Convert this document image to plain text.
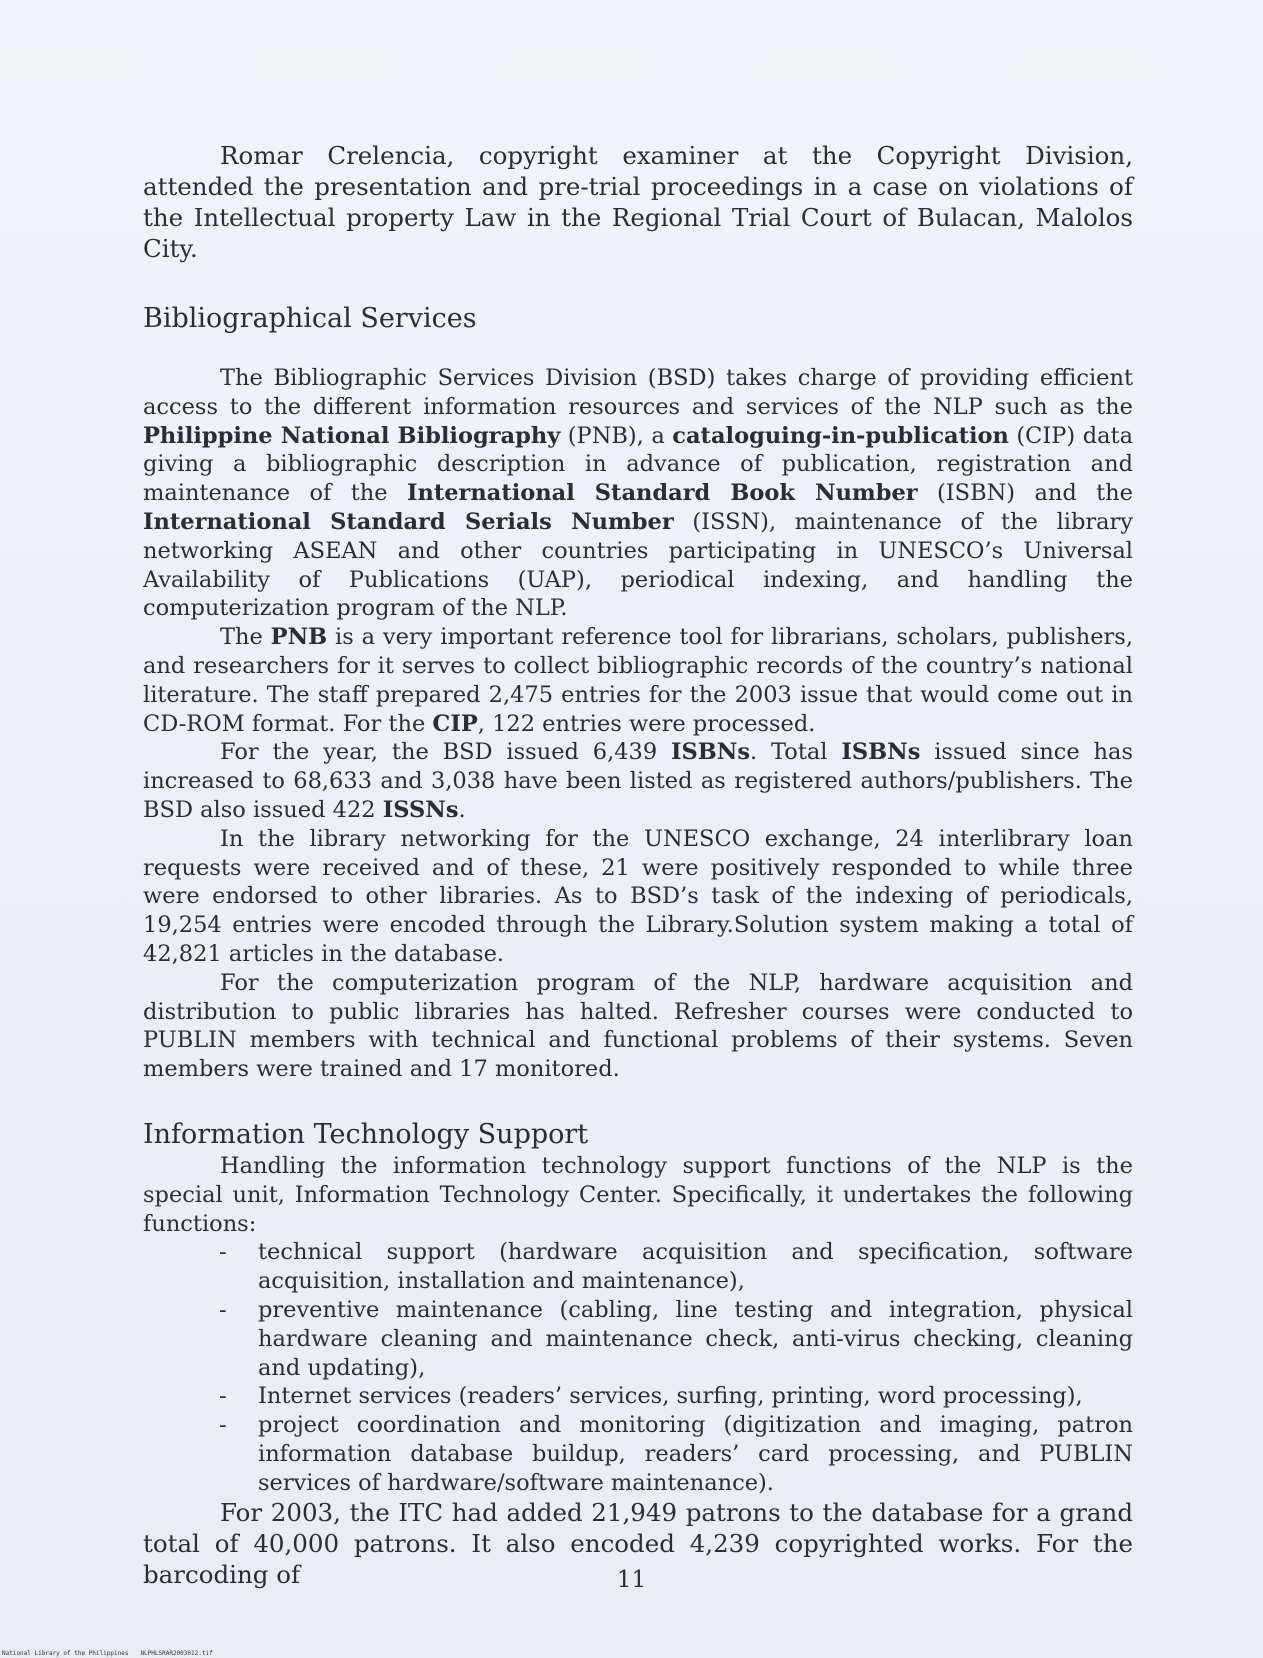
Romar Crelencia, copyright examiner at the Copyright Division, attended the presentation and pre-trial proceedings in a case on violations of the Intellectual property Law in the Regional Trial Court of Bulacan, Malolos City.

Bibliographical Services

The Bibliographic Services Division (BSD) takes charge of providing efficient access to the different information resources and services of the NLP such as the Philippine National Bibliography (PNB), a cataloguing-in-publication (CIP) data giving a bibliographic description in advance of publication, registration and maintenance of the International Standard Book Number (ISBN) and the International Standard Serials Number (ISSN), maintenance of the library networking ASEAN and other countries participating in UNESCO’s Universal Availability of Publications (UAP), periodical indexing, and handling the computerization program of the NLP.

The PNB is a very important reference tool for librarians, scholars, publishers, and researchers for it serves to collect bibliographic records of the country’s national literature. The staff prepared 2,475 entries for the 2003 issue that would come out in CD-ROM format. For the CIP, 122 entries were processed.

For the year, the BSD issued 6,439 ISBNs. Total ISBNs issued since has increased to 68,633 and 3,038 have been listed as registered authors/publishers. The BSD also issued 422 ISSNs.

In the library networking for the UNESCO exchange, 24 interlibrary loan requests were received and of these, 21 were positively responded to while three were endorsed to other libraries. As to BSD’s task of the indexing of periodicals, 19,254 entries were encoded through the Library.Solution system making a total of 42,821 articles in the database.

For the computerization program of the NLP, hardware acquisition and distribution to public libraries has halted. Refresher courses were conducted to PUBLIN members with technical and functional problems of their systems. Seven members were trained and 17 monitored.

Information Technology Support

Handling the information technology support functions of the NLP is the special unit, Information Technology Center. Specifically, it undertakes the following functions:

- technical support (hardware acquisition and specification, software acquisition, installation and maintenance),
- preventive maintenance (cabling, line testing and integration, physical hardware cleaning and maintenance check, anti-virus checking, cleaning and updating),
- Internet services (readers’ services, surfing, printing, word processing),
- project coordination and monitoring (digitization and imaging, patron information database buildup, readers’ card processing, and PUBLIN services of hardware/software maintenance).

For 2003, the ITC had added 21,949 patrons to the database for a grand total of 40,000 patrons. It also encoded 4,239 copyrighted works. For the barcoding of	11
National Library of the Philippines NLPHLSRAR2003012.tif
